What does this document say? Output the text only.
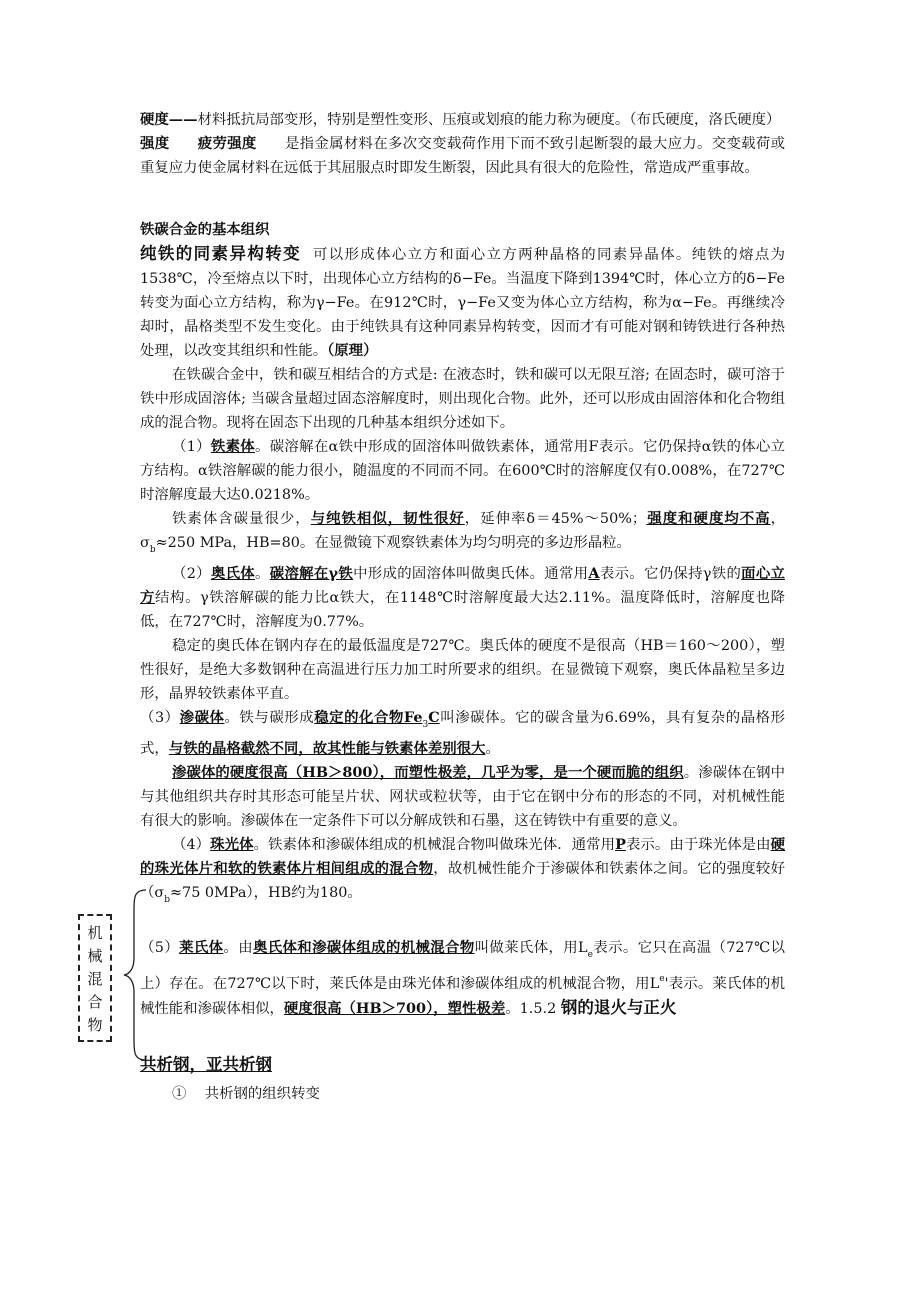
硬度——材料抵抗局部变形，特别是塑性变形、压痕或划痕的能力称为硬度。（布氏硬度，洛氏硬度）

强度 疲劳强度 是指金属材料在多次交变载荷作用下而不致引起断裂的最大应力。交变载荷或重复应力使金属材料在远低于其屈服点时即发生断裂，因此具有很大的危险性，常造成严重事故。

铁碳合金的基本组织

纯铁的同素异构转变 可以形成体心立方和面心立方两种晶格的同素异晶体。纯铁的熔点为1538℃，冷至熔点以下时，出现体心立方结构的δ−Fe。当温度下降到1394℃时，体心立方的δ−Fe转变为面心立方结构，称为γ−Fe。在912℃时，γ−Fe又变为体心立方结构，称为α−Fe。再继续冷却时，晶格类型不发生变化。由于纯铁具有这种同素异构转变，因而才有可能对钢和铸铁进行各种热处理，以改变其组织和性能。（原理）

在铁碳合金中，铁和碳互相结合的方式是: 在液态时，铁和碳可以无限互溶; 在固态时，碳可溶于铁中形成固溶体; 当碳含量超过固态溶解度时，则出现化合物。此外，还可以形成由固溶体和化合物组成的混合物。现将在固态下出现的几种基本组织分述如下。

（1）铁素体。碳溶解在α铁中形成的固溶体叫做铁素体，通常用F表示。它仍保持α铁的体心立方结构。α铁溶解碳的能力很小，随温度的不同而不同。在600℃时的溶解度仅有0.008%，在727℃时溶解度最大达0.0218%。

铁素体含碳量很少，与纯铁相似，韧性很好，延伸率δ＝45%～50%；强度和硬度均不高，$\sigma_b\approx 250$ MPa，HB=80。在显微镜下观察铁素体为均匀明亮的多边形晶粒。

（2）奥氏体。碳溶解在γ铁中形成的固溶体叫做奥氏体。通常用A表示。它仍保持γ铁的面心立方结构。γ铁溶解碳的能力比α铁大，在1148℃时溶解度最大达2.11%。温度降低时，溶解度也降低，在727℃时，溶解度为0.77%。

稳定的奥氏体在钢内存在的最低温度是727℃。奥氏体的硬度不是很高（HB＝160～200），塑性很好，是绝大多数钢种在高温进行压力加工时所要求的组织。在显微镜下观察，奥氏体晶粒呈多边形，晶界较铁素体平直。

（3）渗碳体。铁与碳形成稳定的化合物$Fe_3C$叫渗碳体。它的碳含量为6.69%，具有复杂的晶格形式，与铁的晶格截然不同，故其性能与铁素体差别很大。

渗碳体的硬度很高（HB＞800），而塑性极差，几乎为零，是一个硬而脆的组织。渗碳体在钢中与其他组织共存时其形态可能呈片状、网状或粒状等，由于它在钢中分布的形态的不同，对机械性能有很大的影响。渗碳体在一定条件下可以分解成铁和石墨，这在铸铁中有重要的意义。

（4）珠光体。铁素体和渗碳体组成的机械混合物叫做珠光体．通常用P表示。由于珠光体是由硬的珠光体片和软的铁素体片相间组成的混合物，故机械性能介于渗碳体和铁素体之间。它的强度较好（$\sigma_b\approx 75$ 0MPa），HB约为180。

（5）莱氏体。由奥氏体和渗碳体组成的机械混合物叫做莱氏体，用$L_e$表示。它只在高温（727℃以上）存在。在727℃以下时，莱氏体是由珠光体和渗碳体组成的机械混合物，用Le'表示。莱氏体的机械性能和渗碳体相似，硬度很高（HB＞700），塑性极差。1.5.2 钢的退火与正火

共析钢，亚共析钢

① 共析钢的组织转变

机
械
混
合
物
